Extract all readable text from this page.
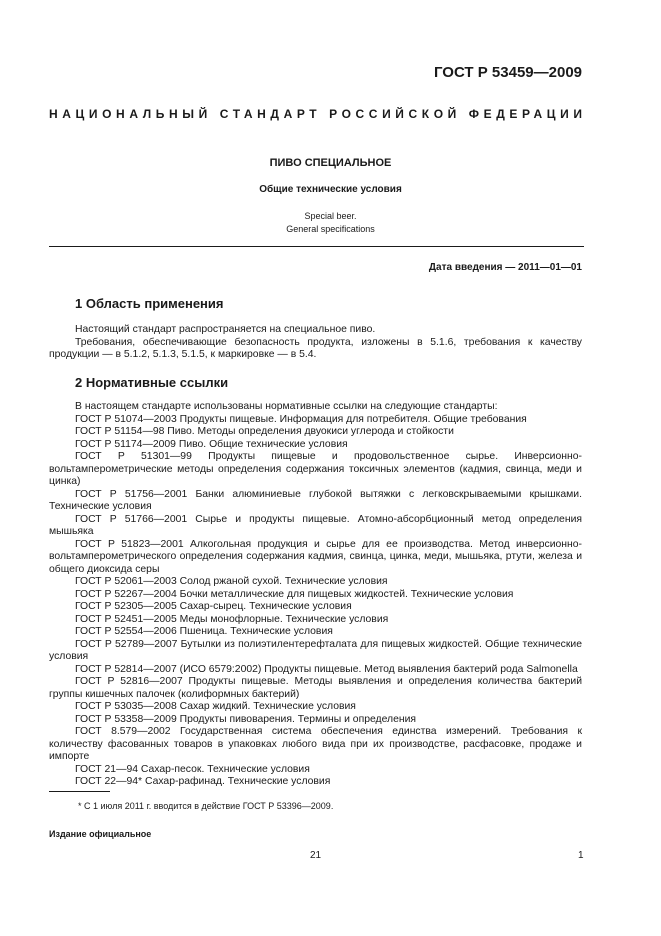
ГОСТ Р 53459—2009
НАЦИОНАЛЬНЫЙ СТАНДАРТ РОССИЙСКОЙ ФЕДЕРАЦИИ
ПИВО СПЕЦИАЛЬНОЕ
Общие технические условия
Special beer.
General specifications
Дата введения — 2011—01—01
1 Область применения

Настоящий стандарт распространяется на специальное пиво.

Требования, обеспечивающие безопасность продукта, изложены в 5.1.6, требования к качеству продукции — в 5.1.2, 5.1.3, 5.1.5, к маркировке — в 5.4.

2 Нормативные ссылки

В настоящем стандарте использованы нормативные ссылки на следующие стандарты:

ГОСТ Р 51074—2003 Продукты пищевые. Информация для потребителя. Общие требования

ГОСТ Р 51154—98 Пиво. Методы определения двуокиси углерода и стойкости

ГОСТ Р 51174—2009 Пиво. Общие технические условия

ГОСТ Р 51301—99 Продукты пищевые и продовольственное сырье. Инверсионно-вольтамперометрические методы определения содержания токсичных элементов (кадмия, свинца, меди и цинка)

ГОСТ Р 51756—2001 Банки алюминиевые глубокой вытяжки с легковскрываемыми крышками. Технические условия

ГОСТ Р 51766—2001 Сырье и продукты пищевые. Атомно-абсорбционный метод определения мышьяка

ГОСТ Р 51823—2001 Алкогольная продукция и сырье для ее производства. Метод инверсионно-вольтамперометрического определения содержания кадмия, свинца, цинка, меди, мышьяка, ртути, железа и общего диоксида серы

ГОСТ Р 52061—2003 Солод ржаной сухой. Технические условия

ГОСТ Р 52267—2004 Бочки металлические для пищевых жидкостей. Технические условия

ГОСТ Р 52305—2005 Сахар-сырец. Технические условия

ГОСТ Р 52451—2005 Меды монофлорные. Технические условия

ГОСТ Р 52554—2006 Пшеница. Технические условия

ГОСТ Р 52789—2007 Бутылки из полиэтилентерефталата для пищевых жидкостей. Общие технические условия

ГОСТ Р 52814—2007 (ИСО 6579:2002) Продукты пищевые. Метод выявления бактерий рода Salmonella

ГОСТ Р 52816—2007 Продукты пищевые. Методы выявления и определения количества бактерий группы кишечных палочек (колиформных бактерий)

ГОСТ Р 53035—2008 Сахар жидкий. Технические условия

ГОСТ Р 53358—2009 Продукты пивоварения. Термины и определения

ГОСТ 8.579—2002 Государственная система обеспечения единства измерений. Требования к количеству фасованных товаров в упаковках любого вида при их производстве, расфасовке, продаже и импорте

ГОСТ 21—94 Сахар-песок. Технические условия

ГОСТ 22—94* Сахар-рафинад. Технические условия

* С 1 июля 2011 г. вводится в действие ГОСТ Р 53396—2009.
Издание официальное
21	1
